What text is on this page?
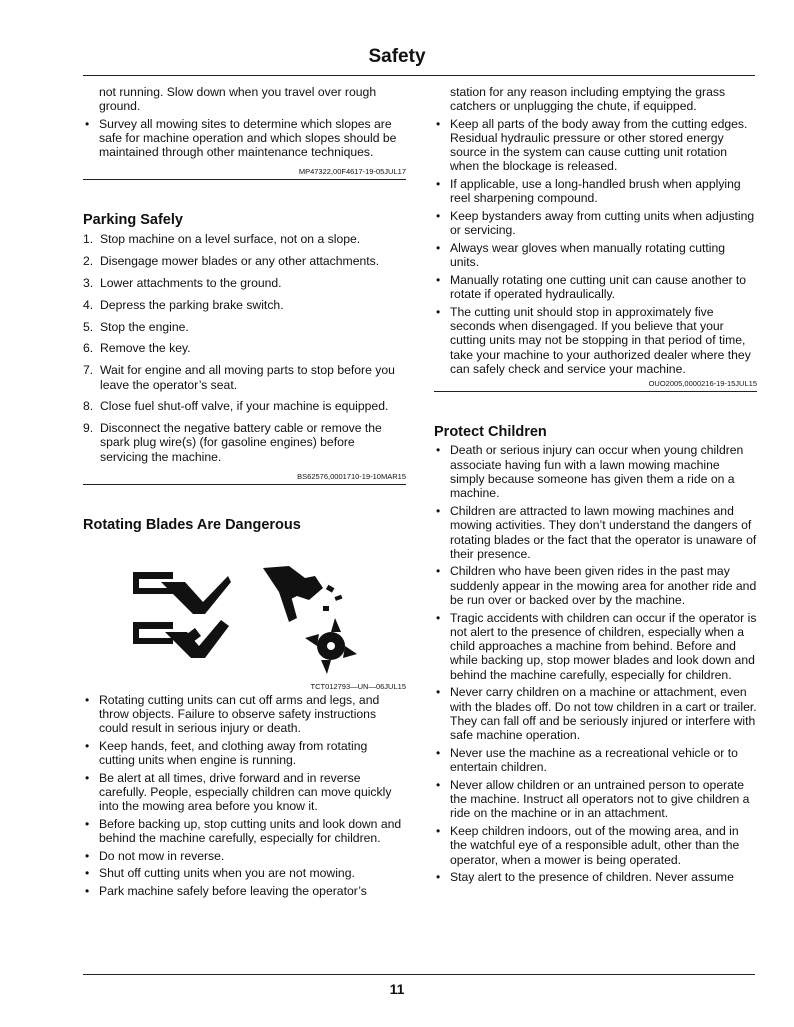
Safety

not running. Slow down when you travel over rough ground.

• Survey all mowing sites to determine which slopes are safe for machine operation and which slopes should be maintained through other maintenance techniques.
MP47322,00F4617-19-05JUL17
Parking Safely
1. Stop machine on a level surface, not on a slope.
2. Disengage mower blades or any other attachments.
3. Lower attachments to the ground.
4. Depress the parking brake switch.
5. Stop the engine.
6. Remove the key.
7. Wait for engine and all moving parts to stop before you leave the operator’s seat.
8. Close fuel shut-off valve, if your machine is equipped.
9. Disconnect the negative battery cable or remove the spark plug wire(s) (for gasoline engines) before servicing the machine.
BS62576,0001710-19-10MAR15
Rotating Blades Are Dangerous
TCT012793—UN—06JUL15
• Rotating cutting units can cut off arms and legs, and throw objects. Failure to observe safety instructions could result in serious injury or death.
• Keep hands, feet, and clothing away from rotating cutting units when engine is running.
• Be alert at all times, drive forward and in reverse carefully. People, especially children can move quickly into the mowing area before you know it.
• Before backing up, stop cutting units and look down and behind the machine carefully, especially for children.
• Do not mow in reverse.
• Shut off cutting units when you are not mowing.
• Park machine safely before leaving the operator’s

station for any reason including emptying the grass catchers or unplugging the chute, if equipped.

• Keep all parts of the body away from the cutting edges. Residual hydraulic pressure or other stored energy source in the system can cause cutting unit rotation when the blockage is released.
• If applicable, use a long-handled brush when applying reel sharpening compound.
• Keep bystanders away from cutting units when adjusting or servicing.
• Always wear gloves when manually rotating cutting units.
• Manually rotating one cutting unit can cause another to rotate if operated hydraulically.
• The cutting unit should stop in approximately five seconds when disengaged. If you believe that your cutting units may not be stopping in that period of time, take your machine to your authorized dealer where they can safely check and service your machine.
OUO2005,0000216-19-15JUL15
Protect Children
• Death or serious injury can occur when young children associate having fun with a lawn mowing machine simply because someone has given them a ride on a machine.
• Children are attracted to lawn mowing machines and mowing activities. They don’t understand the dangers of rotating blades or the fact that the operator is unaware of their presence.
• Children who have been given rides in the past may suddenly appear in the mowing area for another ride and be run over or backed over by the machine.
• Tragic accidents with children can occur if the operator is not alert to the presence of children, especially when a child approaches a machine from behind. Before and while backing up, stop mower blades and look down and behind the machine carefully, especially for children.
• Never carry children on a machine or attachment, even with the blades off. Do not tow children in a cart or trailer. They can fall off and be seriously injured or interfere with safe machine operation.
• Never use the machine as a recreational vehicle or to entertain children.
• Never allow children or an untrained person to operate the machine. Instruct all operators not to give children a ride on the machine or in an attachment.
• Keep children indoors, out of the mowing area, and in the watchful eye of a responsible adult, other than the operator, when a mower is being operated.
• Stay alert to the presence of children. Never assume
11
